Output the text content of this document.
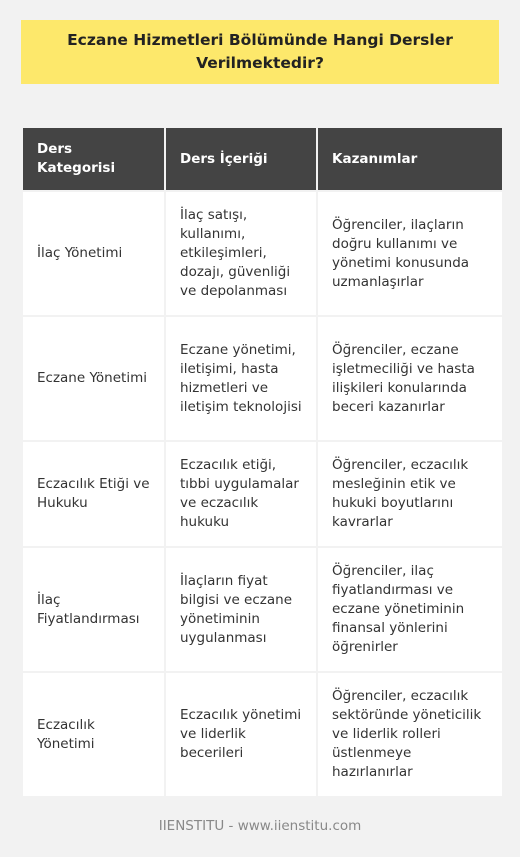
Eczane Hizmetleri Bölümünde Hangi Dersler Verilmektedir?
Ders Kategorisi	Ders İçeriği	Kazanımlar
İlaç Yönetimi	İlaç satışı, kullanımı, etkileşimleri, dozajı, güvenliği ve depolanması	Öğrenciler, ilaçların doğru kullanımı ve yönetimi konusunda uzmanlaşırlar
Eczane Yönetimi	Eczane yönetimi, iletişimi, hasta hizmetleri ve iletişim teknolojisi	Öğrenciler, eczane işletmeciliği ve hasta ilişkileri konularında beceri kazanırlar
Eczacılık Etiği ve Hukuku	Eczacılık etiği, tıbbi uygulamalar ve eczacılık hukuku	Öğrenciler, eczacılık mesleğinin etik ve hukuki boyutlarını kavrarlar
İlaç Fiyatlandırması	İlaçların fiyat bilgisi ve eczane yönetiminin uygulanması	Öğrenciler, ilaç fiyatlandırması ve eczane yönetiminin finansal yönlerini öğrenirler
Eczacılık Yönetimi	Eczacılık yönetimi ve liderlik becerileri	Öğrenciler, eczacılık sektöründe yöneticilik ve liderlik rolleri üstlenmeye hazırlanırlar
IIENSTITU - www.iienstitu.com
